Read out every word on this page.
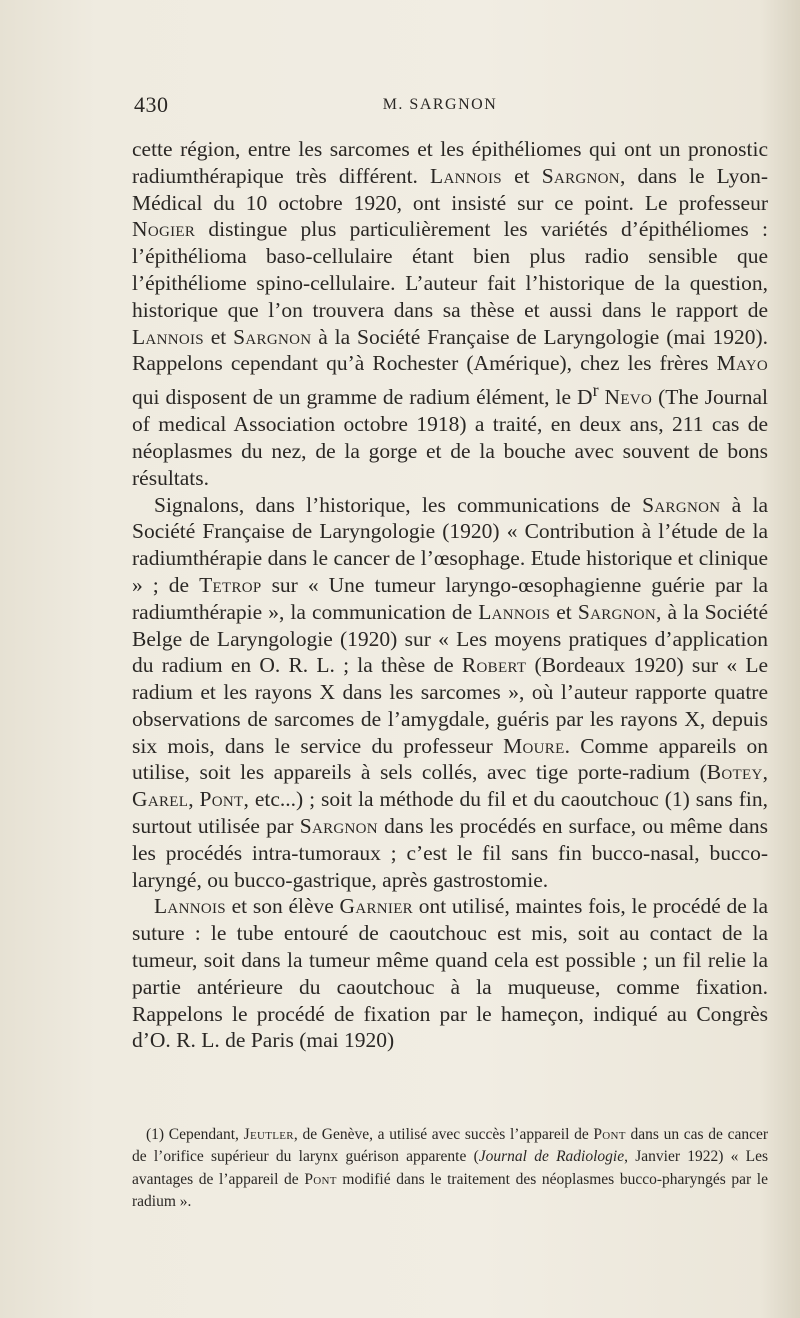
430	M. SARGNON

cette région, entre les sarcomes et les épithéliomes qui ont un pronostic radiumthérapique très différent. Lannois et Sargnon, dans le Lyon-Médical du 10 octobre 1920, ont insisté sur ce point. Le professeur Nogier distingue plus particulièrement les variétés d’épithéliomes : l’épithélioma baso-cellulaire étant bien plus radio sensible que l’épithéliome spino-cellulaire. L’auteur fait l’historique de la question, historique que l’on trouvera dans sa thèse et aussi dans le rapport de Lannois et Sargnon à la Société Française de Laryngologie (mai 1920). Rappelons cependant qu’à Rochester (Amérique), chez les frères Mayo qui disposent de un gramme de radium élément, le $D^r$ Nevo (The Journal of medical Association octobre 1918) a traité, en deux ans, 211 cas de néoplasmes du nez, de la gorge et de la bouche avec souvent de bons résultats.

Signalons, dans l’historique, les communications de Sargnon à la Société Française de Laryngologie (1920) « Contribution à l’étude de la radiumthérapie dans le cancer de l’œsophage. Etude historique et clinique » ; de Tetrop sur « Une tumeur laryngo-œsophagienne guérie par la radiumthérapie », la communication de Lannois et Sargnon, à la Société Belge de Laryngologie (1920) sur « Les moyens pratiques d’application du radium en O. R. L. ; la thèse de Robert (Bordeaux 1920) sur « Le radium et les rayons X dans les sarcomes », où l’auteur rapporte quatre observations de sarcomes de l’amygdale, guéris par les rayons X, depuis six mois, dans le service du professeur Moure. Comme appareils on utilise, soit les appareils à sels collés, avec tige porte-radium (Botey, Garel, Pont, etc...) ; soit la méthode du fil et du caoutchouc (1) sans fin, surtout utilisée par Sargnon dans les procédés en surface, ou même dans les procédés intra-tumoraux ; c’est le fil sans fin bucco-nasal, bucco-laryngé, ou bucco-gastrique, après gastrostomie.

Lannois et son élève Garnier ont utilisé, maintes fois, le procédé de la suture : le tube entouré de caoutchouc est mis, soit au contact de la tumeur, soit dans la tumeur même quand cela est possible ; un fil relie la partie antérieure du caoutchouc à la muqueuse, comme fixation. Rappelons le procédé de fixation par le hameçon, indiqué au Congrès d’O. R. L. de Paris (mai 1920)

(1) Cependant, Jeutler, de Genève, a utilisé avec succès l’appareil de Pont dans un cas de cancer de l’orifice supérieur du larynx guérison apparente (Journal de Radiologie, Janvier 1922) « Les avantages de l’appareil de Pont modifié dans le traitement des néoplasmes bucco-pharyngés par le radium ».
